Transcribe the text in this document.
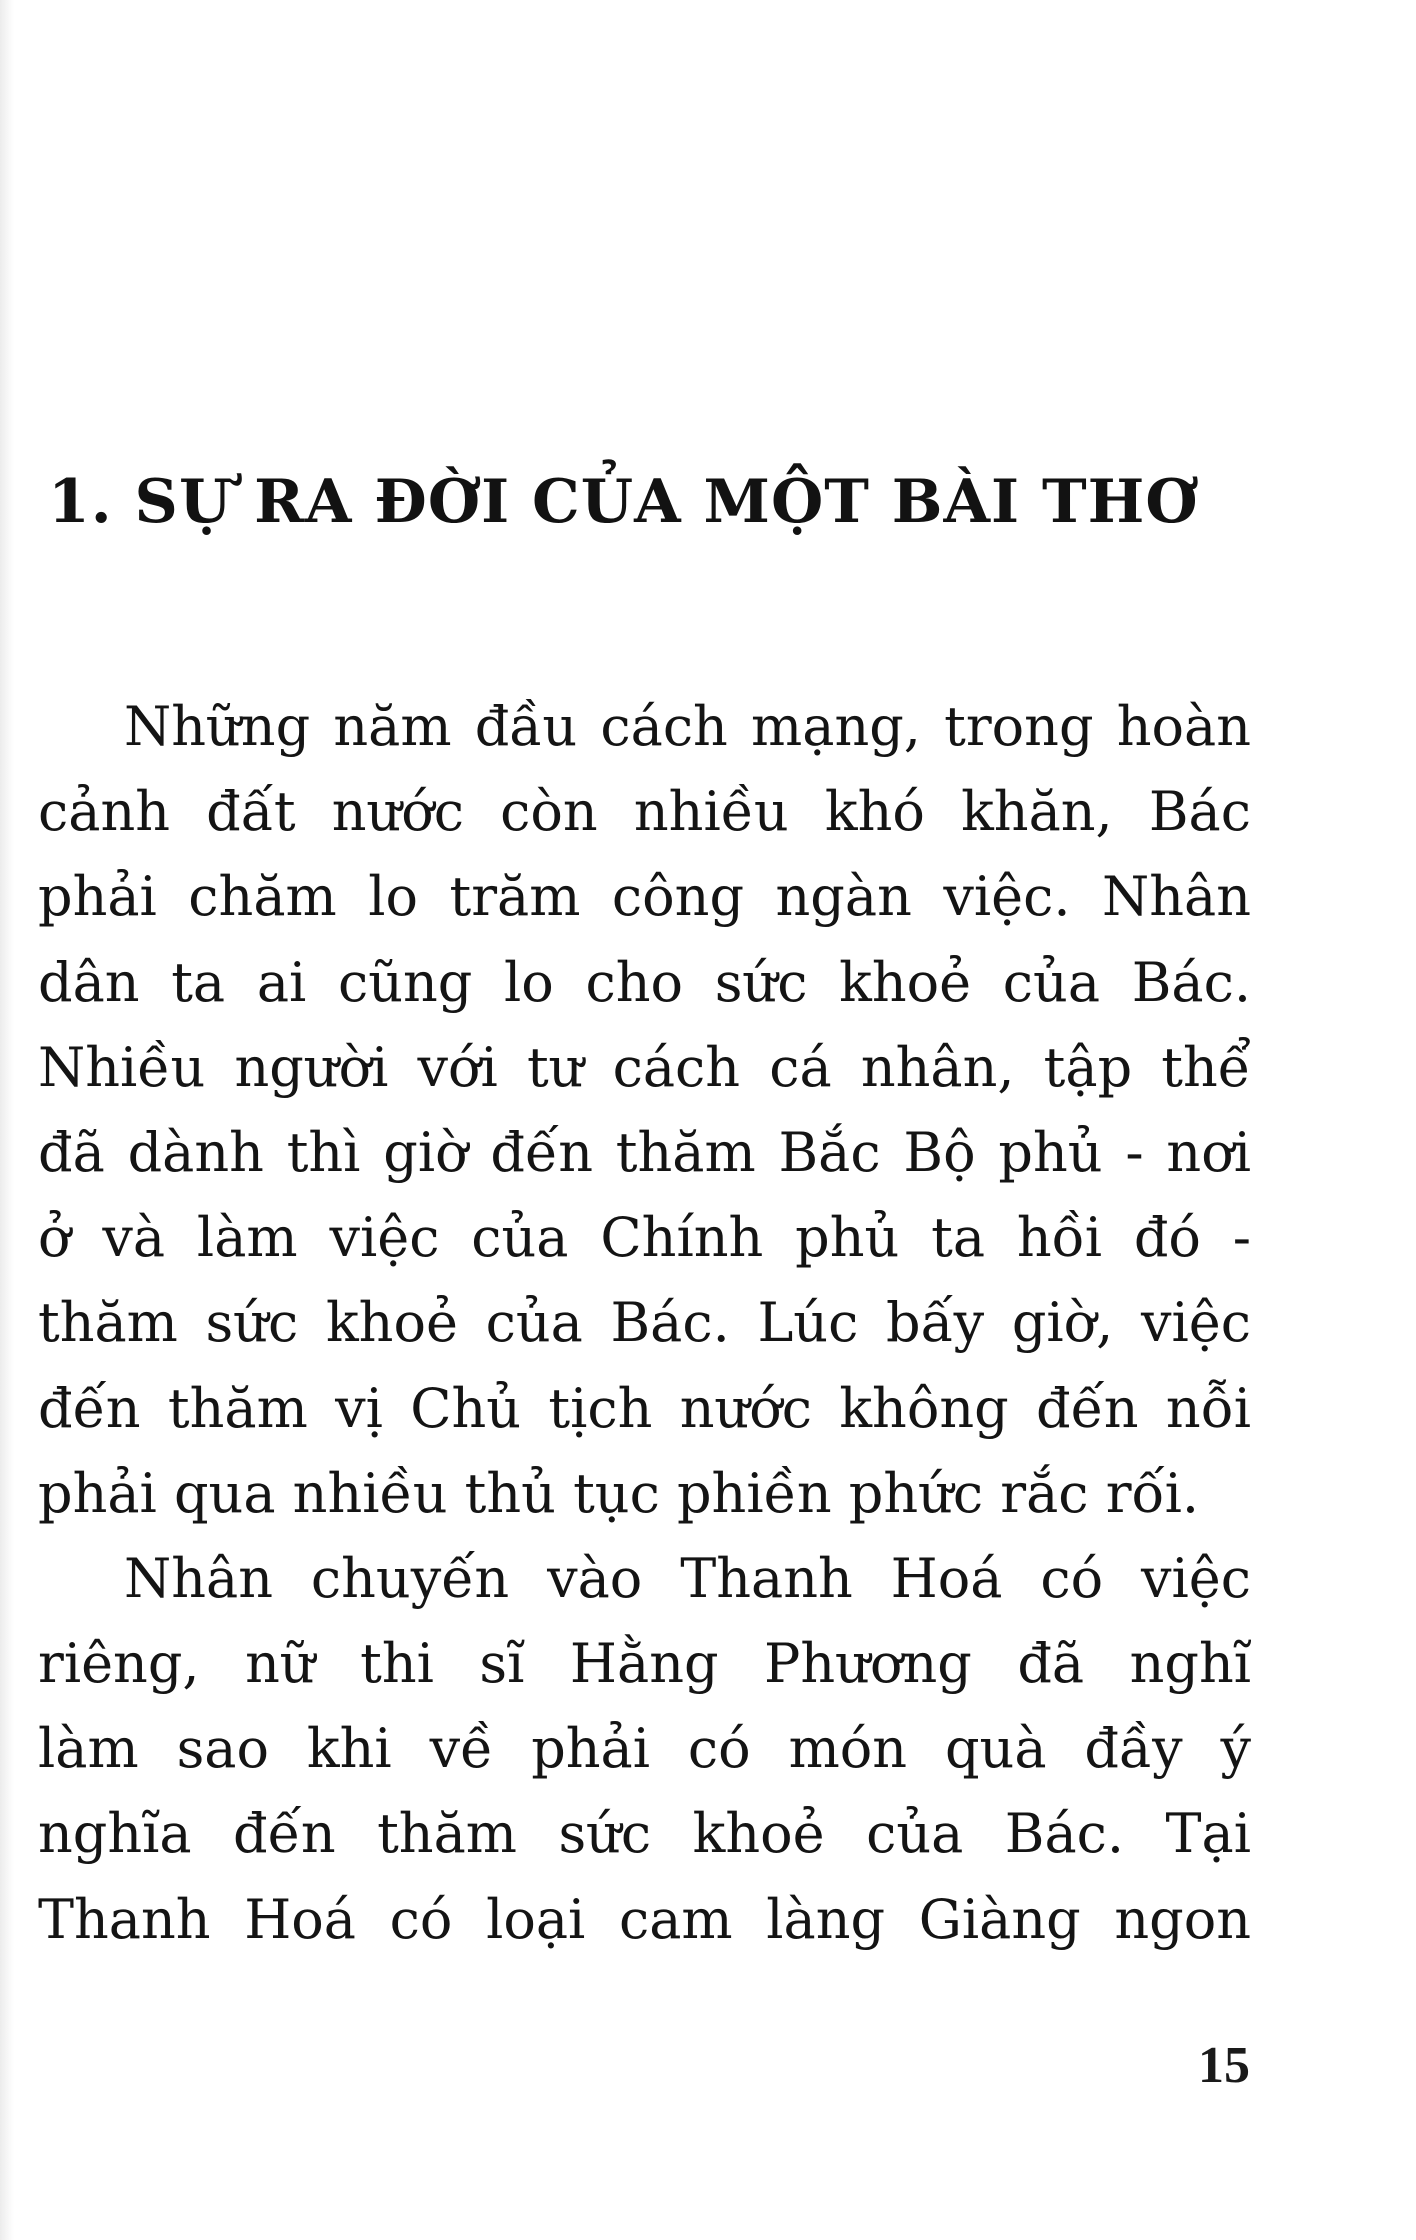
1. SỰ RA ĐỜI CỦA MỘT BÀI THƠ
Những năm đầu cách mạng, trong hoàn
cảnh đất nước còn nhiều khó khăn, Bác
phải chăm lo trăm công ngàn việc. Nhân
dân ta ai cũng lo cho sức khoẻ của Bác.
Nhiều người với tư cách cá nhân, tập thể
đã dành thì giờ đến thăm Bắc Bộ phủ - nơi
ở và làm việc của Chính phủ ta hồi đó -
thăm sức khoẻ của Bác. Lúc bấy giờ, việc
đến thăm vị Chủ tịch nước không đến nỗi
phải qua nhiều thủ tục phiền phức rắc rối.
Nhân chuyến vào Thanh Hoá có việc
riêng, nữ thi sĩ Hằng Phương đã nghĩ
làm sao khi về phải có món quà đầy ý
nghĩa đến thăm sức khoẻ của Bác. Tại
Thanh Hoá có loại cam làng Giàng ngon
15
